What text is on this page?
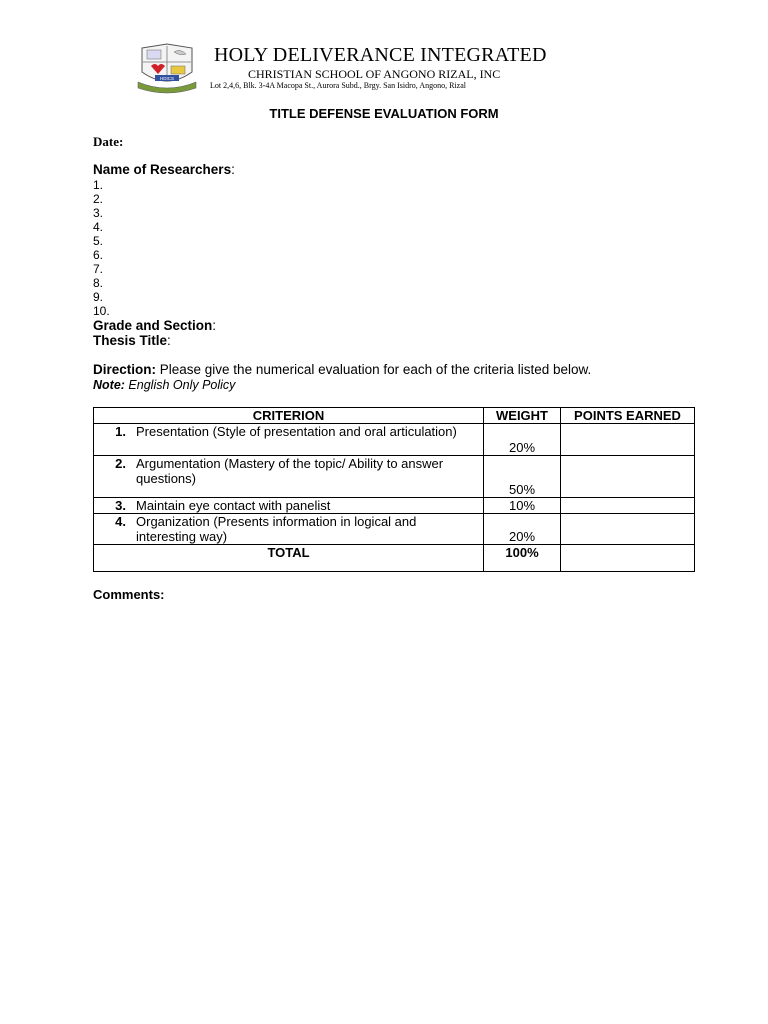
HDICS
HOLY DELIVERANCE INTEGRATED
CHRISTIAN SCHOOL OF ANGONO RIZAL, INC
Lot 2,4,6, Blk. 3-4A Macopa St., Aurora Subd., Brgy. San Isidro, Angono, Rizal
TITLE DEFENSE EVALUATION FORM
Date:
Name of Researchers:
1.
2.
3.
4.
5.
6.
7.
8.
9.
10.
Grade and Section:
Thesis Title:
Direction: Please give the numerical evaluation for each of the criteria listed below.
Note: English Only Policy
CRITERION	WEIGHT	POINTS EARNED

1. Presentation (Style of presentation and oral articulation)	20%	

2. Argumentation (Mastery of the topic/ Ability to answer questions)	50%	

3. Maintain eye contact with panelist	10%	

4. Organization (Presents information in logical and interesting way)	20%	
TOTAL	100%	
Comments:
